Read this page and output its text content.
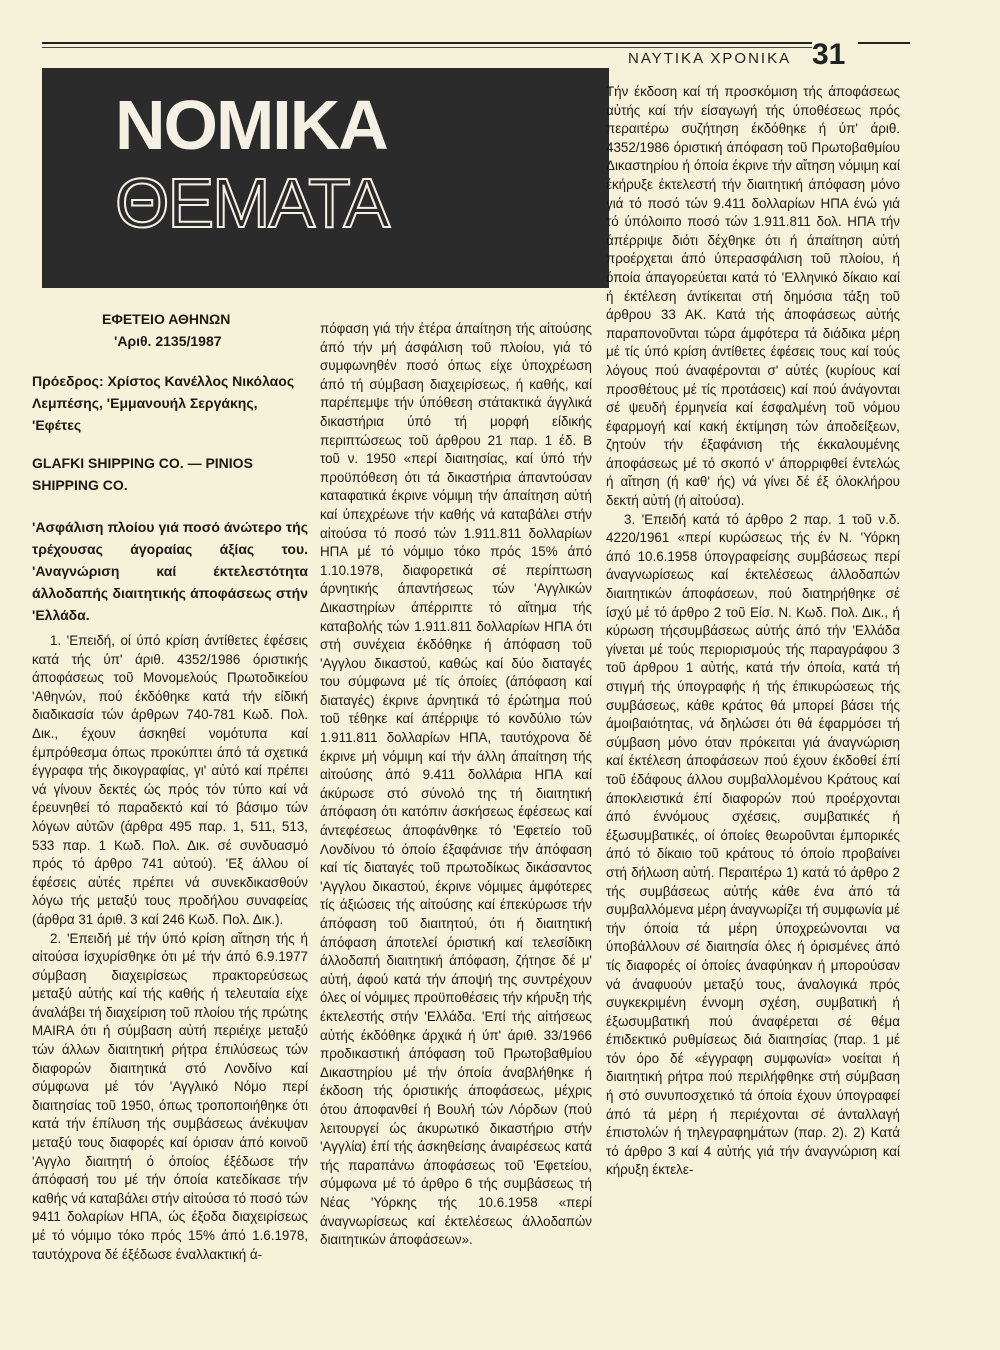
ΝΑΥΤΙΚΑ ΧΡΟΝΙΚΑ 31
ΝΟΜΙΚΑ
ΘΕΜΑΤΑ

ΕΦΕΤΕΙΟ ΑΘΗΝΩΝ

'Αριθ. 2135/1987

Πρόεδρος: Χρίστος Κανέλλος Νικόλαος Λεμπέσης, 'Εμμανουήλ Σεργάκης, 'Εφέτες

GLAFKI SHIPPING CO. — PINIOS SHIPPING CO.

'Ασφάλιση πλοίου γιά ποσό άνώτερο τής τρέχουσας άγοραίας άξίας του. 'Αναγνώριση καί έκτελεστότητα άλλοδαπής διαιτητικής άποφάσεως στήν 'Ελλάδα.

1. 'Επειδή, οί ύπό κρίση άντίθετες έφέσεις κατά τής ύπ' άριθ. 4352/1986 όριστικής άποφάσεως τοῦ Μονομελούς Πρωτοδικείου 'Αθηνών, πού έκδόθηκε κατά τήν είδική διαδικασία τών άρθρων 740-781 Κωδ. Πολ. Δικ., έχουν άσκηθεί νομότυπα καί έμπρόθεσμα όπως προκύπτει άπό τά σχετικά έγγραφα τής δικογραφίας, γι' αὐτό καί πρέπει νά γίνουν δεκτές ώς πρός τόν τύπο καί νά έρευνηθεί τό παραδεκτό καί τό βάσιμο τών λόγων αὐτῶν (άρθρα 495 παρ. 1, 511, 513, 533 παρ. 1 Κωδ. Πολ. Δικ. σέ συνδυασμό πρός τό άρθρο 741 αὐτού). 'Εξ άλλου οί έφέσεις αὐτές πρέπει νά συνεκδικασθούν λόγω τής μεταξύ τους προδήλου συναφείας (άρθρα 31 άριθ. 3 καί 246 Κωδ. Πολ. Δικ.).

2. 'Επειδή μέ τήν ύπό κρίση αἴτηση τής ή αἰτούσα ίσχυρίσθηκε ότι μέ τήν άπό 6.9.1977 σύμβαση διαχειρίσεως πρακτορεύσεως μεταξύ αὐτής καί τής καθής ή τελευταία είχε άναλάβει τή διαχείριση τοῦ πλοίου τής πρώτης MAIRA ότι ή σύμβαση αὐτή περιέιχε μεταξύ τών άλλων διαιτητική ρήτρα έπιλύσεως τών διαφορών διαιτητικά στό Λονδίνο καί σύμφωνα μέ τόν 'Αγγλικό Νόμο περί διαιτησίας τοῦ 1950, όπως τροποποιήθηκε ότι κατά τήν έπίλυση τής συμβάσεως άνέκυψαν μεταξύ τους διαφορές καί όρισαν άπό κοινοῦ 'Αγγλο διαιτητή ό όποίος έξέδωσε τήν άπόφασή του μέ τήν όποία κατεδίκασε τήν καθής νά καταβάλει στήν αἰτούσα τό ποσό τών 9411 δολαρίων ΗΠΑ, ώς έξοδα διαχειρίσεως μέ τό νόμιμο τόκο πρός 15% άπό 1.6.1978, ταυτόχρονα δέ έξέδωσε έναλλακτική ά-

πόφαση γιά τήν έτέρα άπαίτηση τής αἰτούσης άπό τήν μή άσφάλιση τοῦ πλοίου, γιά τό συμφωνηθέν ποσό όπως είχε ύποχρέωση άπό τή σύμβαση διαχειρίσεως, ή καθής, καί παρέπεμψε τήν ύπόθεση στάτακτικά άγγλικά δικαστήρια ύπό τή μορφή είδικής περιπτώσεως τοῦ άρθρου 21 παρ. 1 έδ. B τοῦ ν. 1950 «περί διαιτησίας, καί ύπό τήν προϋπόθεση ότι τά δικαστήρια άπαντούσαν καταφατικά έκρινε νόμιμη τήν άπαίτηση αὐτή καί ύπεχρέωνε τήν καθής νά καταβάλει στήν αἰτούσα τό ποσό τών 1.911.811 δολλαρίων ΗΠΑ μέ τό νόμιμο τόκο πρός 15% άπό 1.10.1978, διαφορετικά σέ περίπτωση άρνητικής άπαντήσεως τών 'Αγγλικών Δικαστηρίων άπέρριπτε τό αἴτημα τής καταβολής τών 1.911.811 δολλαρίων ΗΠΑ ότι στή συνέχεια έκδόθηκε ή άπόφαση τοῦ 'Αγγλου δικαστού, καθώς καί δύο διαταγές του σύμφωνα μέ τίς όποίες (άπόφαση καί διαταγές) έκρινε άρνητικά τό έρώτημα πού τοῦ τέθηκε καί άπέρριψε τό κονδύλιο τών 1.911.811 δολλαρίων ΗΠΑ, ταυτόχρονα δέ έκρινε μή νόμιμη καί τήν άλλη άπαίτηση τής αἰτούσης άπό 9.411 δολλάρια ΗΠΑ καί άκύρωσε στό σύνολό της τή διαιτητική άπόφαση ότι κατόπιν άσκήσεως έφέσεως καί άντεφέσεως άποφάνθηκε τό 'Εφετείο τοῦ Λονδίνου τό όποίο έξαφάνισε τήν άπόφαση καί τίς διαταγές τοῦ πρωτοδίκως δικάσαντος 'Αγγλου δικαστού, έκρινε νόμιμες άμφότερες τίς άξιώσεις τής αἰτούσης καί έπεκύρωσε τήν άπόφαση τοῦ διαιτητού, ότι ή διαιτητική άπόφαση άποτελεί όριστική καί τελεσίδικη άλλοδαπή διαιτητική άπόφαση, ζήτησε δέ μ' αὐτή, άφού κατά τήν άποψή της συντρέχουν όλες οί νόμιμες προϋποθέσεις τήν κήρυξη τής έκτελεστής στήν 'Ελλάδα. 'Επί τής αἰτήσεως αὐτής έκδόθηκε άρχικά ή ύπ' άριθ. 33/1966 προδικαστική άπόφαση τοῦ Πρωτοβαθμίου Δικαστηρίου μέ τήν όποία άναβλήθηκε ή έκδοση τής όριστικής άποφάσεως, μέχρις ότου άποφανθεί ή Βουλή τών Λόρδων (πού λειτουργεί ώς άκυρωτικό δικαστήριο στήν 'Αγγλία) έπί τής άσκηθείσης άναιρέσεως κατά τής παραπάνω άποφάσεως τοῦ 'Εφετείου, σύμφωνα μέ τό άρθρο 6 τής συμβάσεως τή Νέας 'Υόρκης τής 10.6.1958 «περί άναγνωρίσεως καί έκτελέσεως άλλοδαπών διαιτητικών άποφάσεων».

Τήν έκδοση καί τή προσκόμιση τής άποφάσεως αὐτής καί τήν είσαγωγή τής ύποθέσεως πρός περαιτέρω συζήτηση έκδόθηκε ή ύπ' άριθ. 4352/1986 όριστική άπόφαση τοῦ Πρωτοβαθμίου Δικαστηρίου ή όποία έκρινε τήν αἴτηση νόμιμη καί έκήρυξε έκτελεστή τήν διαιτητική άπόφαση μόνο γιά τό ποσό τών 9.411 δολλαρίων ΗΠΑ ένώ γιά τό ύπόλοιπο ποσό τών 1.911.811 δολ. ΗΠΑ τήν άπέρριψε διότι δέχθηκε ότι ή άπαίτηση αὐτή προέρχεται άπό ύπερασφάλιση τοῦ πλοίου, ή όποία άπαγορεύεται κατά τό 'Ελληνικό δίκαιο καί ή έκτέλεση άντίκειται στή δημόσια τάξη τοῦ άρθρου 33 ΑΚ. Κατά τής άποφάσεως αὐτής παραπονοῦνται τώρα άμφότερα τά διάδικα μέρη μέ τίς ύπό κρίση άντίθετες έφέσεις τους καί τούς λόγους πού άναφέρονται σ' αὐτές (κυρίους καί προσθέτους μέ τίς προτάσεις) καί πού άνάγονται σέ ψευδή έρμηνεία καί έσφαλμένη τοῦ νόμου έφαρμογή καί κακή έκτίμηση τών άποδείξεων, ζητούν τήν έξαφάνιση τής έκκαλουμένης άποφάσεως μέ τό σκοπό ν' άπορριφθεί έντελώς ή αἴτηση (ή καθ' ής) νά γίνει δέ έξ όλοκλήρου δεκτή αὐτή (ή αἰτούσα).

3. 'Επειδή κατά τό άρθρο 2 παρ. 1 τοῦ ν.δ. 4220/1961 «περί κυρώσεως τής έν Ν. 'Υόρκη άπό 10.6.1958 ύπογραφείσης συμβάσεως περί άναγνωρίσεως καί έκτελέσεως άλλοδαπών διαιτητικών άποφάσεων, πού διατηρήθηκε σέ ίσχύ μέ τό άρθρο 2 τοῦ Είσ. Ν. Κωδ. Πολ. Δικ., ή κύρωση τήςσυμβάσεως αὐτής άπό τήν 'Ελλάδα γίνεται μέ τούς περιορισμούς τής παραγράφου 3 τοῦ άρθρου 1 αὐτής, κατά τήν όποία, κατά τή στιγμή τής ύπογραφής ή τής έπικυρώσεως τής συμβάσεως, κάθε κράτος θά μπορεί βάσει τής άμοιβαιότητας, νά δηλώσει ότι θά έφαρμόσει τή σύμβαση μόνο όταν πρόκειται γιά άναγνώριση καί έκτέλεση άποφάσεων πού έχουν έκδοθεί έπί τοῦ έδάφους άλλου συμβαλλομένου Κράτους καί άποκλειστικά έπί διαφορών πού προέρχονται άπό έννόμους σχέσεις, συμβατικές ή έξωσυμβατικές, οί όποίες θεωροῦνται έμπορικές άπό τό δίκαιο τοῦ κράτους τό όποίο προβαίνει στή δήλωση αὐτή. Περαιτέρω 1) κατά τό άρθρο 2 τής συμβάσεως αὐτής κάθε ένα άπό τά συμβαλλόμενα μέρη άναγνωρίζει τή συμφωνία μέ τήν όποία τά μέρη ύποχρεώνονται να ύποβάλλουν σέ διαιτησία όλες ή όρισμένες άπό τίς διαφορές οί όποίες άναφύηκαν ή μπορούσαν νά άναφυούν μεταξύ τους, άναλογικά πρός συγκεκριμένη έννομη σχέση, συμβατική ή έξωσυμβατική πού άναφέρεται σέ θέμα έπιδεκτικό ρυθμίσεως διά διαιτησίας (παρ. 1 μέ τόν όρο δέ «έγγραφη συμφωνία» νοείται ή διαιτητική ρήτρα πού περιλήφθηκε στή σύμβαση ή στό συνυποσχετικό τά όποία έχουν ύπογραφεί άπό τά μέρη ή περιέχονται σέ άνταλλαγή έπιστολών ή τηλεγραφημάτων (παρ. 2). 2) Κατά τό άρθρο 3 καί 4 αὐτής γιά τήν άναγνώριση καί κήρυξη έκτελε-
